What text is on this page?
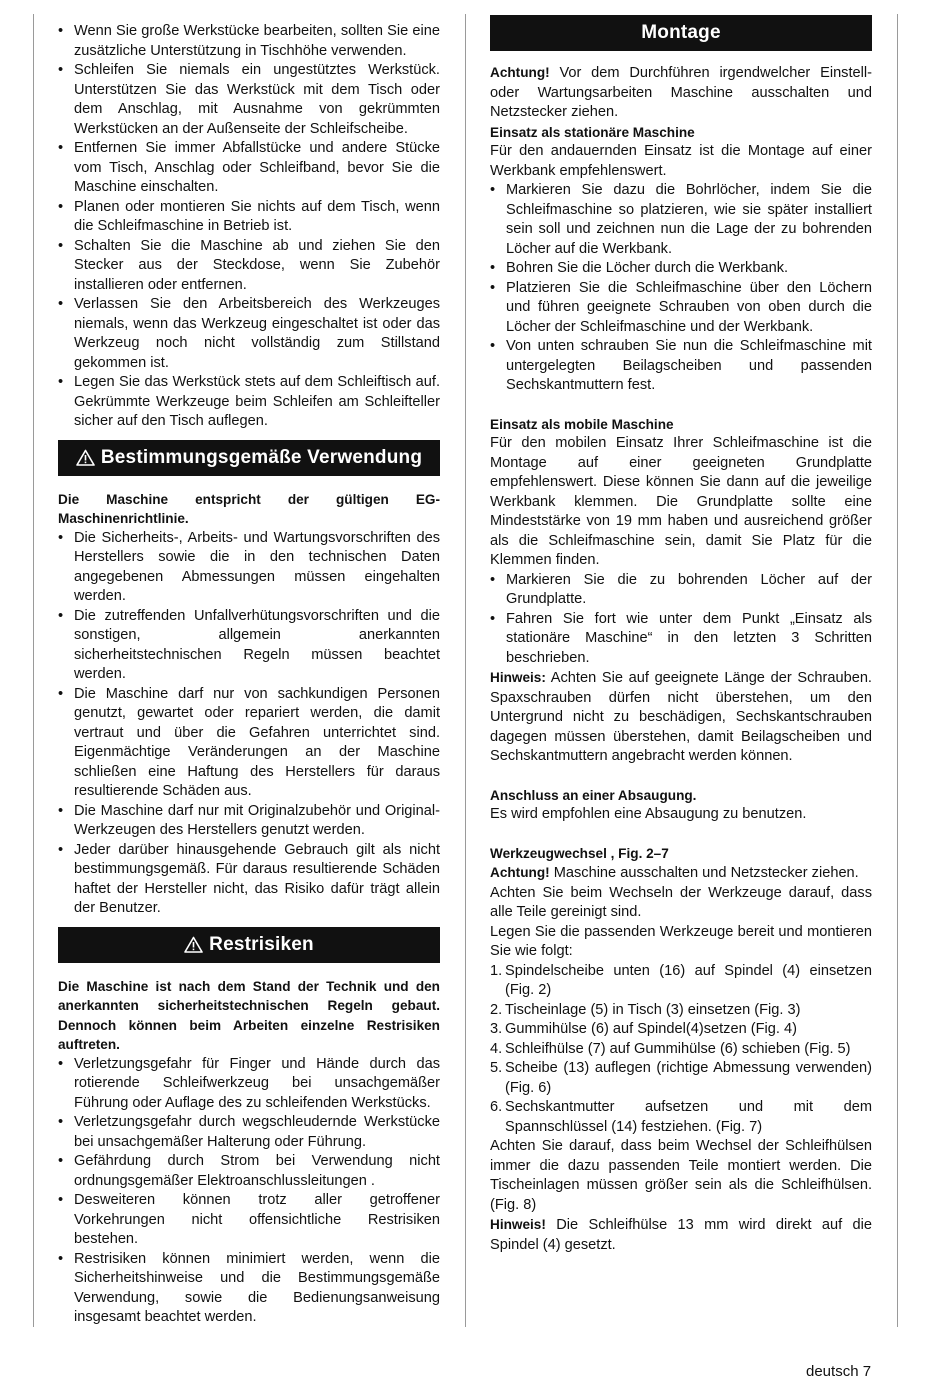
• Wenn Sie große Werkstücke bearbeiten, sollten Sie eine zusätzliche Unterstützung in Tischhöhe verwenden.
• Schleifen Sie niemals ein ungestütztes Werkstück. Unterstützen Sie das Werkstück mit dem Tisch oder dem Anschlag, mit Ausnahme von gekrümmten Werkstücken an der Außenseite der Schleifscheibe.
• Entfernen Sie immer Abfallstücke und andere Stücke vom Tisch, Anschlag oder Schleifband, bevor Sie die Maschine einschalten.
• Planen oder montieren Sie nichts auf dem Tisch, wenn die Schleifmaschine in Betrieb ist.
• Schalten Sie die Maschine ab und ziehen Sie den Stecker aus der Steckdose, wenn Sie Zubehör installieren oder entfernen.
• Verlassen Sie den Arbeitsbereich des Werkzeuges niemals, wenn das Werkzeug eingeschaltet ist oder das Werkzeug noch nicht vollständig zum Stillstand gekommen ist.
• Legen Sie das Werkstück stets auf dem Schleiftisch auf. Gekrümmte Werkzeuge beim Schleifen am Schleifteller sicher auf den Tisch auflegen.
Bestimmungsgemäße Verwendung

Die Maschine entspricht der gültigen EG-Maschinenrichtlinie.

• Die Sicherheits-, Arbeits- und Wartungsvorschriften des Herstellers sowie die in den technischen Daten angegebenen Abmessungen müssen eingehalten werden.
• Die zutreffenden Unfallverhütungsvorschriften und die sonstigen, allgemein anerkannten sicherheitstechnischen Regeln müssen beachtet werden.
• Die Maschine darf nur von sachkundigen Personen genutzt, gewartet oder repariert werden, die damit vertraut und über die Gefahren unterrichtet sind. Eigenmächtige Veränderungen an der Maschine schließen eine Haftung des Herstellers für daraus resultierende Schäden aus.
• Die Maschine darf nur mit Originalzubehör und Original- Werkzeugen des Herstellers genutzt werden.
• Jeder darüber hinausgehende Gebrauch gilt als nicht bestimmungsgemäß. Für daraus resultierende Schäden haftet der Hersteller nicht, das Risiko dafür trägt allein der Benutzer.
Restrisiken

Die Maschine ist nach dem Stand der Technik und den anerkannten sicherheitstechnischen Regeln gebaut. Dennoch können beim Arbeiten einzelne Restrisiken auftreten.

• Verletzungsgefahr für Finger und Hände durch das rotierende Schleifwerkzeug bei unsachgemäßer Führung oder Auflage des zu schleifenden Werkstücks.
• Verletzungsgefahr durch wegschleudernde Werkstücke bei unsachgemäßer Halterung oder Führung.
• Gefährdung durch Strom bei Verwendung nicht ordnungsgemäßer Elektroanschlussleitungen .
• Desweiteren können trotz aller getroffener Vorkehrungen nicht offensichtliche Restrisiken bestehen.
• Restrisiken können minimiert werden, wenn die Sicherheitshinweise und die Bestimmungsgemäße Verwendung, sowie die Bedienungsanweisung insgesamt beachtet werden.
Montage

Achtung! Vor dem Durchführen irgendwelcher Einstell- oder Wartungsarbeiten Maschine ausschalten und Netzstecker ziehen.

Einsatz als stationäre Maschine

Für den andauernden Einsatz ist die Montage auf einer Werkbank empfehlenswert.

• Markieren Sie dazu die Bohrlöcher, indem Sie die Schleifmaschine so platzieren, wie sie später installiert sein soll und zeichnen nun die Lage der zu bohrenden Löcher auf die Werkbank.
• Bohren Sie die Löcher durch die Werkbank.
• Platzieren Sie die Schleifmaschine über den Löchern und führen geeignete Schrauben von oben durch die Löcher der Schleifmaschine und der Werkbank.
• Von unten schrauben Sie nun die Schleifmaschine mit untergelegten Beilagscheiben und passenden Sechskantmuttern fest.

Einsatz als mobile Maschine

Für den mobilen Einsatz Ihrer Schleifmaschine ist die Montage auf einer geeigneten Grundplatte empfehlenswert. Diese können Sie dann auf die jeweilige Werkbank klemmen. Die Grundplatte sollte eine Mindeststärke von 19 mm haben und ausreichend größer als die Schleifmaschine sein, damit Sie Platz für die Klemmen finden.

• Markieren Sie die zu bohrenden Löcher auf der Grundplatte.
• Fahren Sie fort wie unter dem Punkt „Einsatz als stationäre Maschine“ in den letzten 3 Schritten beschrieben.

Hinweis: Achten Sie auf geeignete Länge der Schrauben. Spaxschrauben dürfen nicht überstehen, um den Untergrund nicht zu beschädigen, Sechskantschrauben dagegen müssen überstehen, damit Beilagscheiben und Sechskantmuttern angebracht werden können.

Anschluss an einer Absaugung.

Es wird empfohlen eine Absaugung zu benutzen.

Werkzeugwechsel , Fig. 2–7

Achtung! Maschine ausschalten und Netzstecker ziehen.

Achten Sie beim Wechseln der Werkzeuge darauf, dass alle Teile gereinigt sind.

Legen Sie die passenden Werkzeuge bereit und montieren Sie wie folgt:

1. Spindelscheibe unten (16) auf Spindel (4) einsetzen (Fig. 2)
2. Tischeinlage (5) in Tisch (3) einsetzen (Fig. 3)
3. Gummihülse (6) auf Spindel(4)setzen (Fig. 4)
4. Schleifhülse (7) auf Gummihülse (6) schieben (Fig. 5)
5. Scheibe (13) auflegen (richtige Abmessung verwenden) (Fig. 6)
6. Sechskantmutter aufsetzen und mit dem Spannschlüssel (14) festziehen. (Fig. 7)

Achten Sie darauf, dass beim Wechsel der Schleifhülsen immer die dazu passenden Teile montiert werden. Die Tischeinlagen müssen größer sein als die Schleifhülsen. (Fig. 8)

Hinweis! Die Schleifhülse 13 mm wird direkt auf die Spindel (4) gesetzt.

deutsch 7
